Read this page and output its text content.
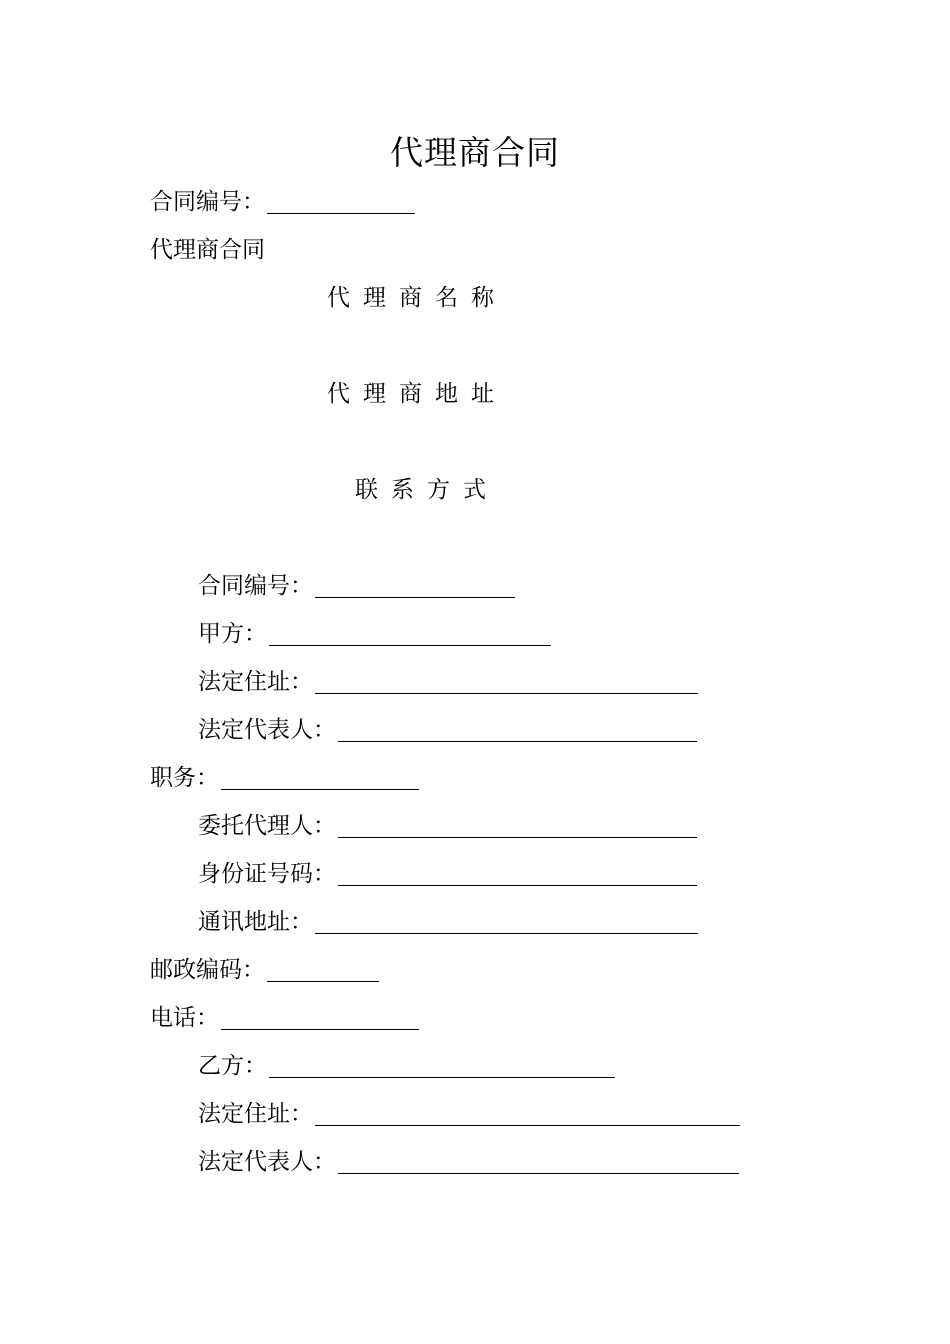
代理商合同
合同编号：
代理商合同
代理商名称
代理商地址
联系方式
合同编号：
甲方：
法定住址：
法定代表人：
职务：
委托代理人：
身份证号码：
通讯地址：
邮政编码：
电话：
乙方：
法定住址：
法定代表人：
